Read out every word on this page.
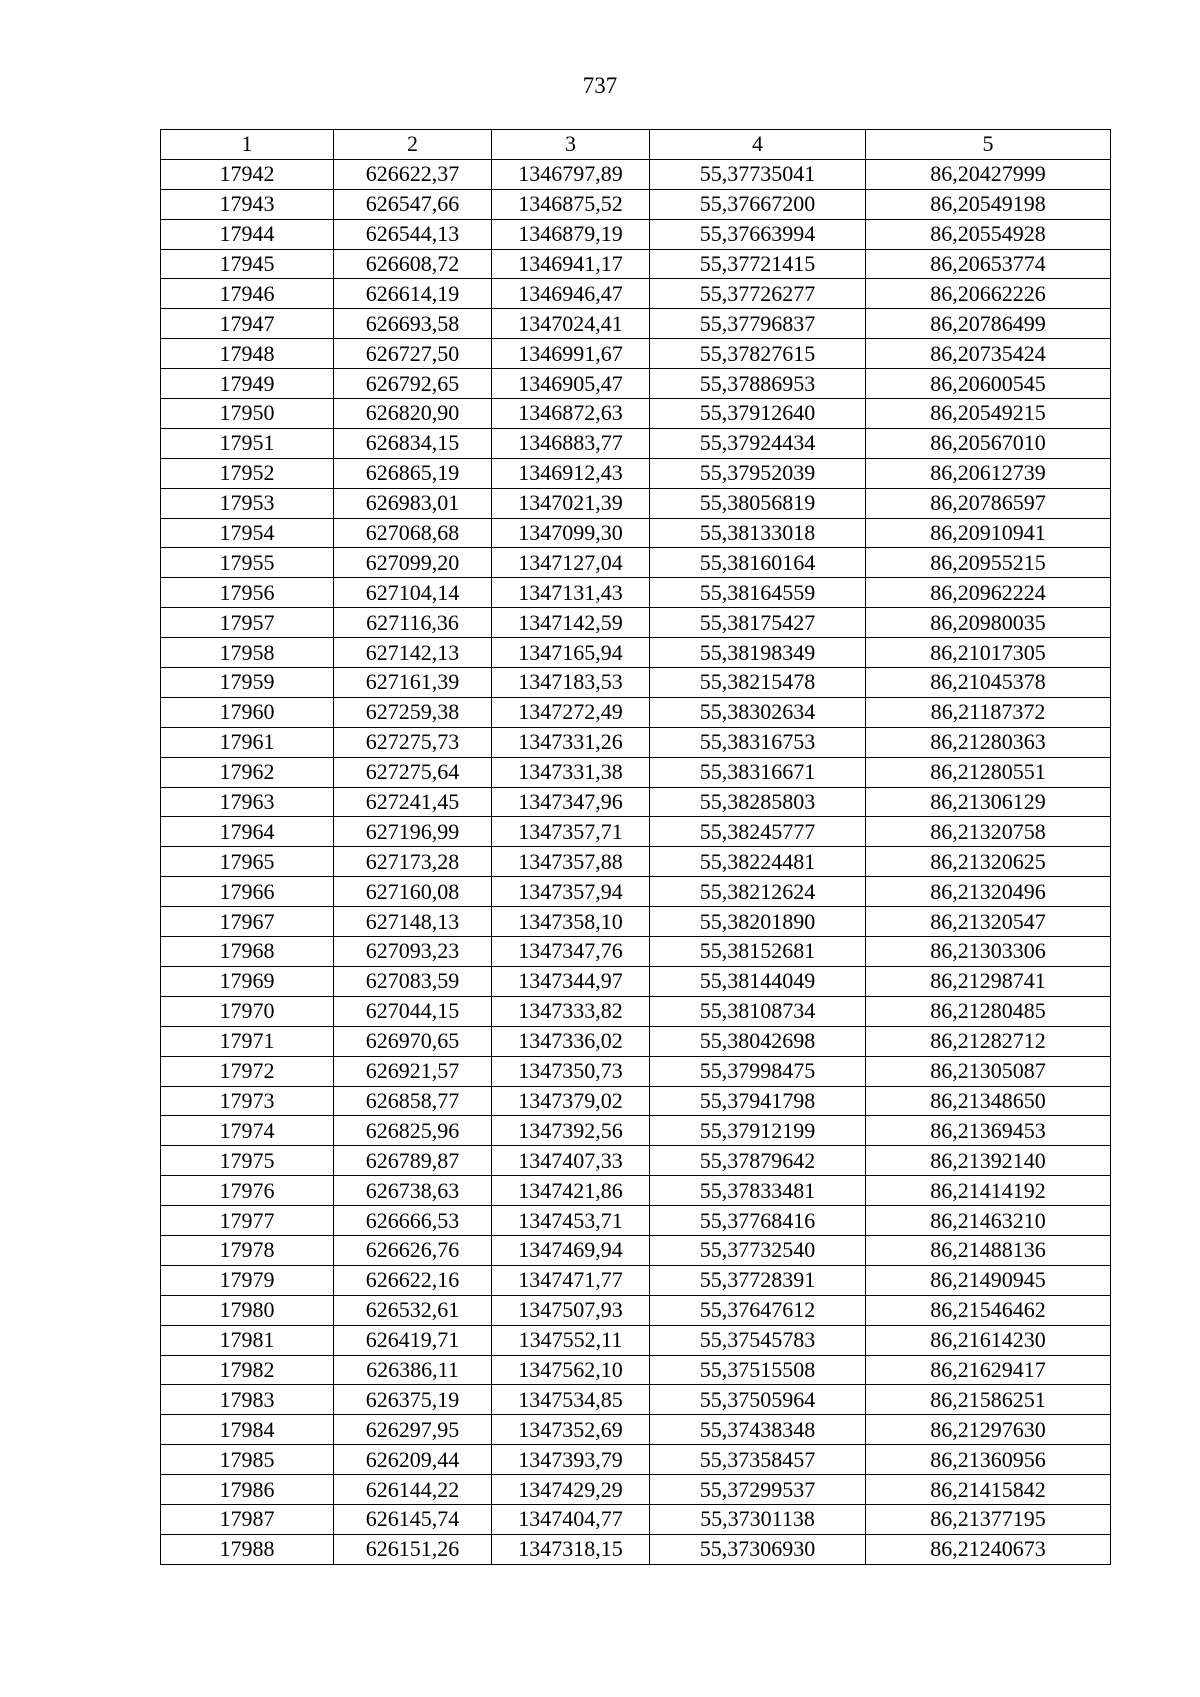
737
1	2	3	4	5
17942	626622,37	1346797,89	55,37735041	86,20427999
17943	626547,66	1346875,52	55,37667200	86,20549198
17944	626544,13	1346879,19	55,37663994	86,20554928
17945	626608,72	1346941,17	55,37721415	86,20653774
17946	626614,19	1346946,47	55,37726277	86,20662226
17947	626693,58	1347024,41	55,37796837	86,20786499
17948	626727,50	1346991,67	55,37827615	86,20735424
17949	626792,65	1346905,47	55,37886953	86,20600545
17950	626820,90	1346872,63	55,37912640	86,20549215
17951	626834,15	1346883,77	55,37924434	86,20567010
17952	626865,19	1346912,43	55,37952039	86,20612739
17953	626983,01	1347021,39	55,38056819	86,20786597
17954	627068,68	1347099,30	55,38133018	86,20910941
17955	627099,20	1347127,04	55,38160164	86,20955215
17956	627104,14	1347131,43	55,38164559	86,20962224
17957	627116,36	1347142,59	55,38175427	86,20980035
17958	627142,13	1347165,94	55,38198349	86,21017305
17959	627161,39	1347183,53	55,38215478	86,21045378
17960	627259,38	1347272,49	55,38302634	86,21187372
17961	627275,73	1347331,26	55,38316753	86,21280363
17962	627275,64	1347331,38	55,38316671	86,21280551
17963	627241,45	1347347,96	55,38285803	86,21306129
17964	627196,99	1347357,71	55,38245777	86,21320758
17965	627173,28	1347357,88	55,38224481	86,21320625
17966	627160,08	1347357,94	55,38212624	86,21320496
17967	627148,13	1347358,10	55,38201890	86,21320547
17968	627093,23	1347347,76	55,38152681	86,21303306
17969	627083,59	1347344,97	55,38144049	86,21298741
17970	627044,15	1347333,82	55,38108734	86,21280485
17971	626970,65	1347336,02	55,38042698	86,21282712
17972	626921,57	1347350,73	55,37998475	86,21305087
17973	626858,77	1347379,02	55,37941798	86,21348650
17974	626825,96	1347392,56	55,37912199	86,21369453
17975	626789,87	1347407,33	55,37879642	86,21392140
17976	626738,63	1347421,86	55,37833481	86,21414192
17977	626666,53	1347453,71	55,37768416	86,21463210
17978	626626,76	1347469,94	55,37732540	86,21488136
17979	626622,16	1347471,77	55,37728391	86,21490945
17980	626532,61	1347507,93	55,37647612	86,21546462
17981	626419,71	1347552,11	55,37545783	86,21614230
17982	626386,11	1347562,10	55,37515508	86,21629417
17983	626375,19	1347534,85	55,37505964	86,21586251
17984	626297,95	1347352,69	55,37438348	86,21297630
17985	626209,44	1347393,79	55,37358457	86,21360956
17986	626144,22	1347429,29	55,37299537	86,21415842
17987	626145,74	1347404,77	55,37301138	86,21377195
17988	626151,26	1347318,15	55,37306930	86,21240673
